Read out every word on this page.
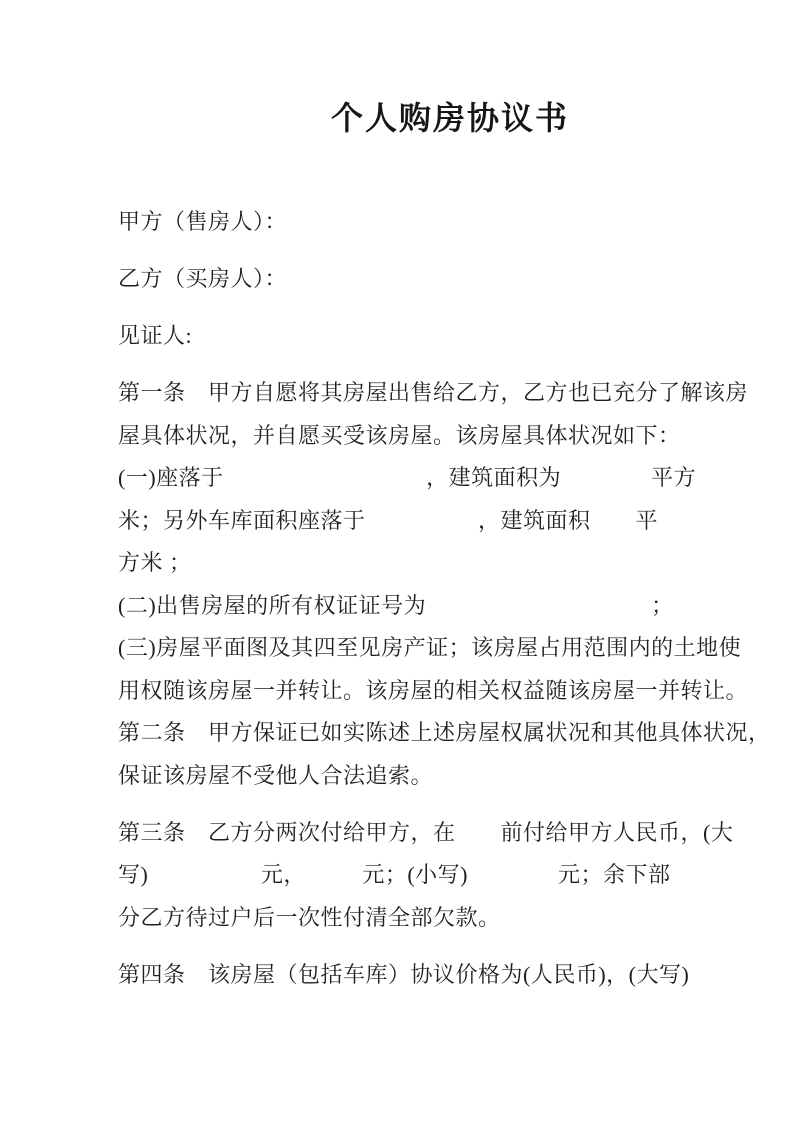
个人购房协议书
甲方（售房人）：
乙方（买房人）：
见证人:
第一条　甲方自愿将其房屋出售给乙方，乙方也已充分了解该房
屋具体状况，并自愿买受该房屋。该房屋具体状况如下：
(一)座落于　　　　　　　　　，建筑面积为　　　　平方
米；另外车库面积座落于　　　　　，建筑面积　　平
方米 ；
(二)出售房屋的所有权证证号为　　　　　　　　　　；
(三)房屋平面图及其四至见房产证；该房屋占用范围内的土地使
用权随该房屋一并转让。该房屋的相关权益随该房屋一并转让。
第二条　甲方保证已如实陈述上述房屋权属状况和其他具体状况，
保证该房屋不受他人合法追索。
第三条　乙方分两次付给甲方，在　　前付给甲方人民币，(大
写)　　　　　元，　　　元；(小写)　　　　元；余下部
分乙方待过户后一次性付清全部欠款。
第四条　该房屋（包括车库）协议价格为(人民币)，(大写)
